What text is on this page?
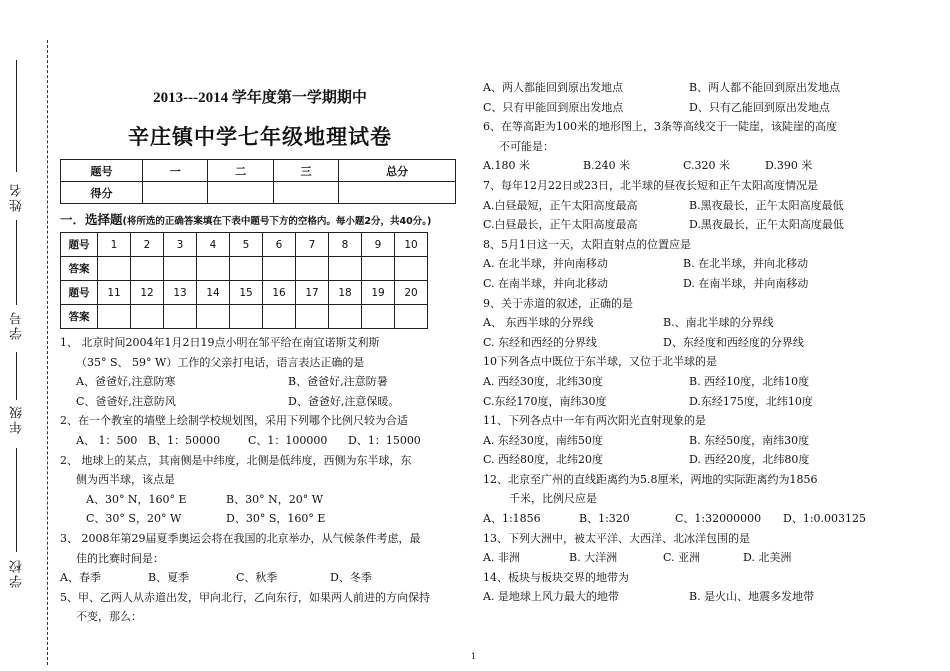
姓名
学号
年级
学校
2013---2014 学年度第一学期期中
辛庄镇中学七年级地理试卷
题号	一	二	三	总分
得分				
一．选择题(将所选的正确答案填在下表中题号下方的空格内。每小题2分，共40分。)
题号	1	2	3	4	5	6	7	8	9	10
答案										
题号	11	12	13	14	15	16	17	18	19	20
答案										
1、 北京时间2004年1月2日19点小明在邹平给在南宜诺斯艾利斯
（35° S、 59° W）工作的父亲打电话，语言表达正确的是
A、爸爸好,注意防寒	B、爸爸好,注意防暑
C、爸爸好,注意防风	D、爸爸好,注意保暖。
2、在一个教室的墙壁上绘制学校规划图，采用下列哪个比例尺较为合适
A、 1：500 B、1：50000	C、1：100000	D、1：15000
2、 地球上的某点，其南侧是中纬度，北侧是低纬度，西侧为东半球，东
侧为西半球，该点是
A、30° N，160° E	B、30° N，20° W
C、30° S，20° W	D、30° S，160° E
3、 2008年第29届夏季奥运会将在我国的北京举办，从气候条件考虑，最
佳的比赛时间是：
A、春季	B、夏季	C、秋季	D、冬季
5、甲、乙两人从赤道出发，甲向北行，乙向东行，如果两人前进的方向保持
不变，那么：
A、两人都能回到原出发地点	B、两人都不能回到原出发地点
C、只有甲能回到原出发地点	D、只有乙能回到原出发地点
6、在等高距为100米的地形图上，3条等高线交于一陡崖，该陡崖的高度
不可能是：
A.180 米	B.240 米	C.320 米	D.390 米
7、每年12月22日或23日，北半球的昼夜长短和正午太阳高度情况是
A.白昼最短，正午太阳高度最高	B.黑夜最长，正午太阳高度最低
C.白昼最长，正午太阳高度最高	D.黑夜最长，正午太阳高度最低
8、5月1日这一天，太阳直射点的位置应是
A. 在北半球，并向南移动	B. 在北半球，并向北移动
C. 在南半球，并向北移动	D. 在南半球，并向南移动
9、关于赤道的叙述，正确的是
A、 东西半球的分界线	B.、南北半球的分界线
C. 东经和西经的分界线	D、东经度和西经度的分界线
10下列各点中既位于东半球，又位于北半球的是
A. 西经30度，北纬30度	B. 西经10度，北纬10度
C.东经170度，南纬30度	D.东经175度，北纬10度
11、下列各点中一年有两次阳光直射现象的是
A. 东经30度，南纬50度	B. 东经50度，南纬30度
C. 西经80度，北纬20度	D. 西经20度，北纬80度
12、北京至广州的直线距离约为5.8厘米，两地的实际距离约为1856
千米，比例尺应是
A、1:1856	B、1:320	C、1:32000000	D、1:0.003125
13、下列大洲中，被太平洋、大西洋、北冰洋包围的是
A. 非洲	B. 大洋洲	C. 亚洲	D. 北美洲
14、板块与板块交界的地带为
A. 是地球上风力最大的地带	B. 是火山、地震多发地带
1
